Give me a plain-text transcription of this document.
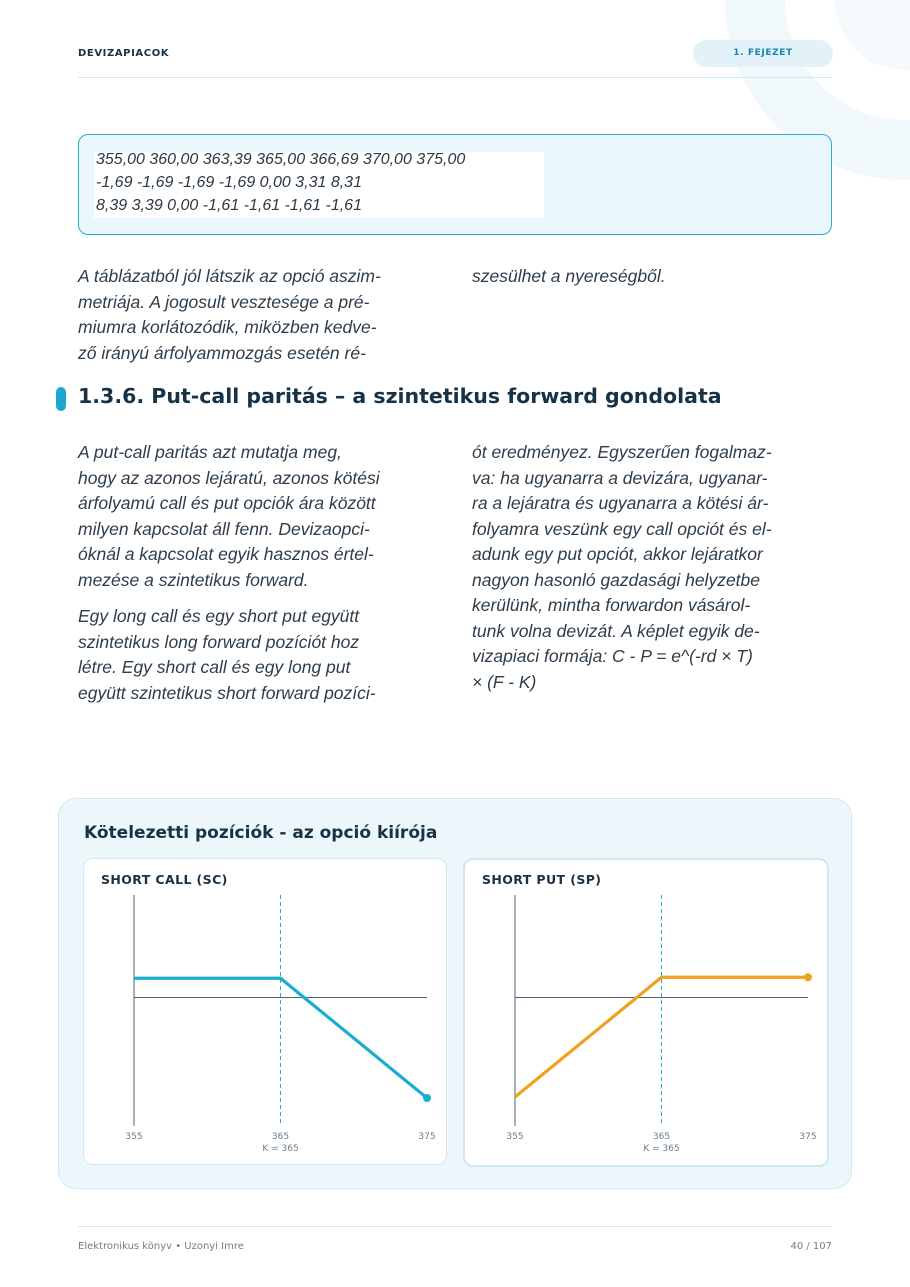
DEVIZAPIACOK	1. FEJEZET
355,00 360,00 363,39 365,00 366,69 370,00 375,00
-1,69 -1,69 -1,69 -1,69 0,00 3,31 8,31
8,39 3,39 0,00 -1,61 -1,61 -1,61 -1,61
A táblázatból jól látszik az opció aszim-
metriája. A jogosult vesztesége a pré-
miumra korlátozódik, miközben kedve-
ző irányú árfolyammozgás esetén ré-
szesülhet a nyereségből.
1.3.6. Put-call paritás – a szintetikus forward gondolata
A put-call paritás azt mutatja meg,
hogy az azonos lejáratú, azonos kötési
árfolyamú call és put opciók ára között
milyen kapcsolat áll fenn. Devizaopci-
óknál a kapcsolat egyik hasznos értel-
mezése a szintetikus forward.
Egy long call és egy short put együtt
szintetikus long forward pozíciót hoz
létre. Egy short call és egy long put
együtt szintetikus short forward pozíci-
ót eredményez. Egyszerűen fogalmaz-
va: ha ugyanarra a devizára, ugyanar-
ra a lejáratra és ugyanarra a kötési ár-
folyamra veszünk egy call opciót és el-
adunk egy put opciót, akkor lejáratkor
nagyon hasonló gazdasági helyzetbe
kerülünk, mintha forwardon vásárol-
tunk volna devizát. A képlet egyik de-
vizapiaci formája: C - P = e^(-rd × T)
× (F - K)
Kötelezetti pozíciók - az opció kiírója
SHORT CALL (SC)
355	365	375
K = 365
SHORT PUT (SP)
355	365	375
K = 365
Elektronikus könyv • Uzonyi Imre	40 / 107
